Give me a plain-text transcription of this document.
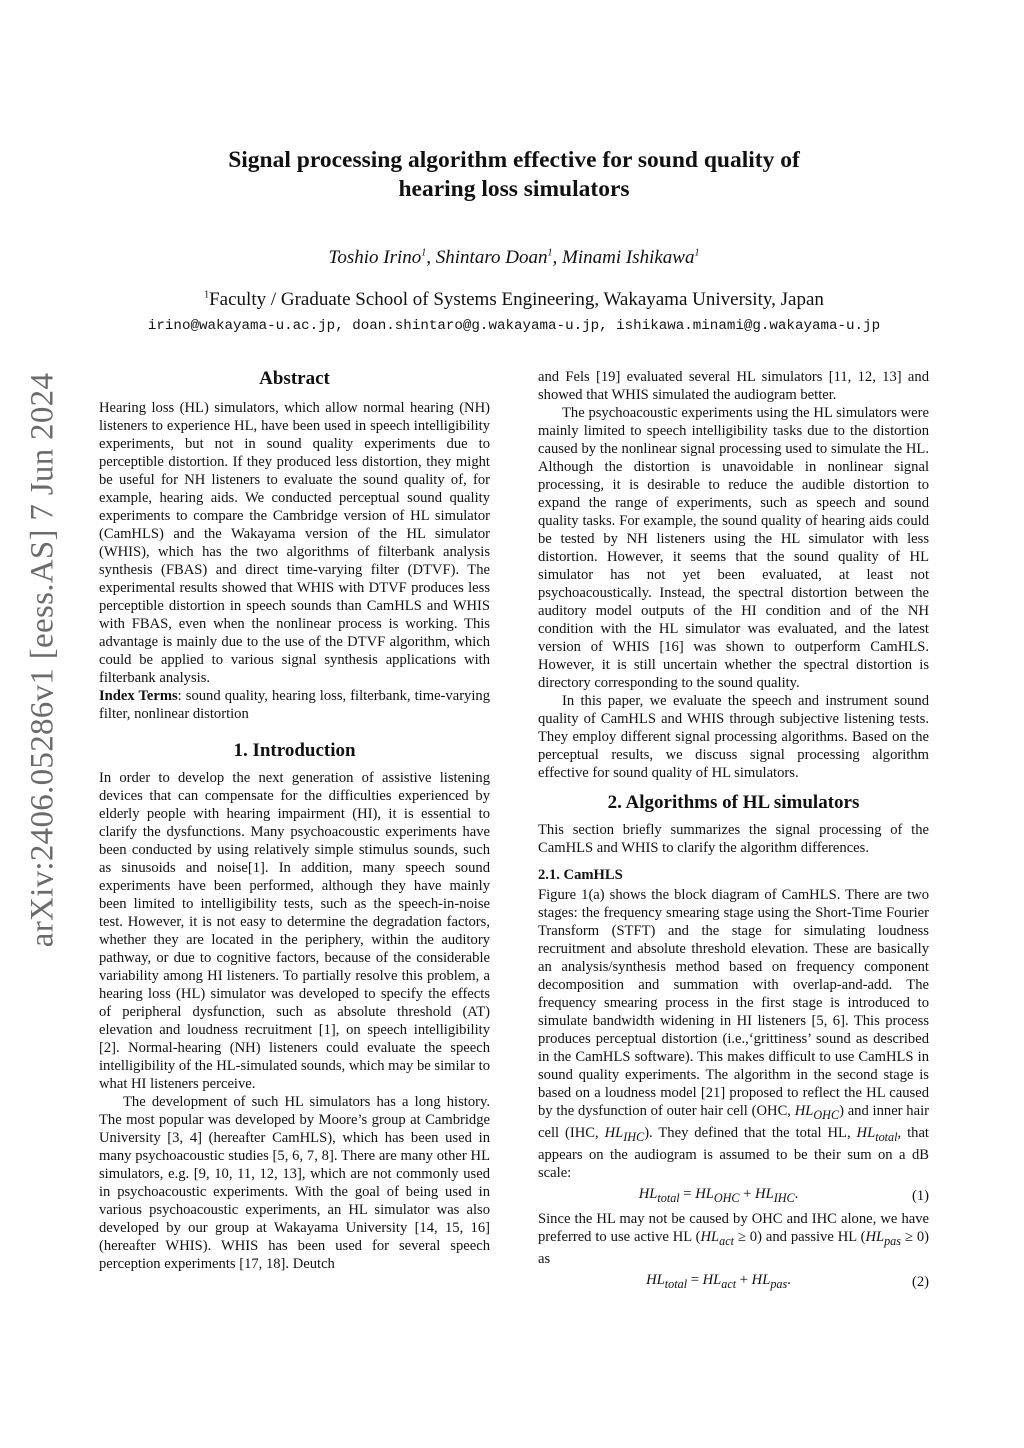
arXiv:2406.05286v1 [eess.AS] 7 Jun 2024
Signal processing algorithm effective for sound quality of
hearing loss simulators
Toshio Irino$^1$, Shintaro Doan$^1$, Minami Ishikawa$^1$
$^1$Faculty / Graduate School of Systems Engineering, Wakayama University, Japan
irino@wakayama-u.ac.jp, doan.shintaro@g.wakayama-u.jp, ishikawa.minami@g.wakayama-u.jp
Abstract

Hearing loss (HL) simulators, which allow normal hearing (NH) listeners to experience HL, have been used in speech intelligibility experiments, but not in sound quality experiments due to perceptible distortion. If they produced less distortion, they might be useful for NH listeners to evaluate the sound quality of, for example, hearing aids. We conducted perceptual sound quality experiments to compare the Cambridge version of HL simulator (CamHLS) and the Wakayama version of the HL simulator (WHIS), which has the two algorithms of filterbank analysis synthesis (FBAS) and direct time-varying filter (DTVF). The experimental results showed that WHIS with DTVF produces less perceptible distortion in speech sounds than CamHLS and WHIS with FBAS, even when the nonlinear process is working. This advantage is mainly due to the use of the DTVF algorithm, which could be applied to various signal synthesis applications with filterbank analysis.

Index Terms: sound quality, hearing loss, filterbank, time-varying filter, nonlinear distortion

1. Introduction

In order to develop the next generation of assistive listening devices that can compensate for the difficulties experienced by elderly people with hearing impairment (HI), it is essential to clarify the dysfunctions. Many psychoacoustic experiments have been conducted by using relatively simple stimulus sounds, such as sinusoids and noise[1]. In addition, many speech sound experiments have been performed, although they have mainly been limited to intelligibility tests, such as the speech-in-noise test. However, it is not easy to determine the degradation factors, whether they are located in the periphery, within the auditory pathway, or due to cognitive factors, because of the considerable variability among HI listeners. To partially resolve this problem, a hearing loss (HL) simulator was developed to specify the effects of peripheral dysfunction, such as absolute threshold (AT) elevation and loudness recruitment [1], on speech intelligibility [2]. Normal-hearing (NH) listeners could evaluate the speech intelligibility of the HL-simulated sounds, which may be similar to what HI listeners perceive.

The development of such HL simulators has a long history. The most popular was developed by Moore’s group at Cambridge University [3, 4] (hereafter CamHLS), which has been used in many psychoacoustic studies [5, 6, 7, 8]. There are many other HL simulators, e.g. [9, 10, 11, 12, 13], which are not commonly used in psychoacoustic experiments. With the goal of being used in various psychoacoustic experiments, an HL simulator was also developed by our group at Wakayama University [14, 15, 16] (hereafter WHIS). WHIS has been used for several speech perception experiments [17, 18]. Deutch

and Fels [19] evaluated several HL simulators [11, 12, 13] and showed that WHIS simulated the audiogram better.

The psychoacoustic experiments using the HL simulators were mainly limited to speech intelligibility tasks due to the distortion caused by the nonlinear signal processing used to simulate the HL. Although the distortion is unavoidable in nonlinear signal processing, it is desirable to reduce the audible distortion to expand the range of experiments, such as speech and sound quality tasks. For example, the sound quality of hearing aids could be tested by NH listeners using the HL simulator with less distortion. However, it seems that the sound quality of HL simulator has not yet been evaluated, at least not psychoacoustically. Instead, the spectral distortion between the auditory model outputs of the HI condition and of the NH condition with the HL simulator was evaluated, and the latest version of WHIS [16] was shown to outperform CamHLS. However, it is still uncertain whether the spectral distortion is directory corresponding to the sound quality.

In this paper, we evaluate the speech and instrument sound quality of CamHLS and WHIS through subjective listening tests. They employ different signal processing algorithms. Based on the perceptual results, we discuss signal processing algorithm effective for sound quality of HL simulators.

2. Algorithms of HL simulators

This section briefly summarizes the signal processing of the CamHLS and WHIS to clarify the algorithm differences.

2.1. CamHLS

Figure 1(a) shows the block diagram of CamHLS. There are two stages: the frequency smearing stage using the Short-Time Fourier Transform (STFT) and the stage for simulating loudness recruitment and absolute threshold elevation. These are basically an analysis/synthesis method based on frequency component decomposition and summation with overlap-and-add. The frequency smearing process in the first stage is introduced to simulate bandwidth widening in HI listeners [5, 6]. This process produces perceptual distortion (i.e.,‘grittiness’ sound as described in the CamHLS software). This makes difficult to use CamHLS in sound quality experiments. The algorithm in the second stage is based on a loudness model [21] proposed to reflect the HL caused by the dysfunction of outer hair cell (OHC, $HL_{OHC}$) and inner hair cell (IHC, $HL_{IHC}$). They defined that the total HL, $HL_{total}$, that appears on the audiogram is assumed to be their sum on a dB scale:

$HL_{total} = HL_{OHC} + HL_{IHC}$.	(1)

Since the HL may not be caused by OHC and IHC alone, we have preferred to use active HL $(HL_{act} \ge 0)$ and passive HL $(HL_{pas} \ge 0)$ as

$HL_{total} = HL_{act} + HL_{pas}$.	(2)
